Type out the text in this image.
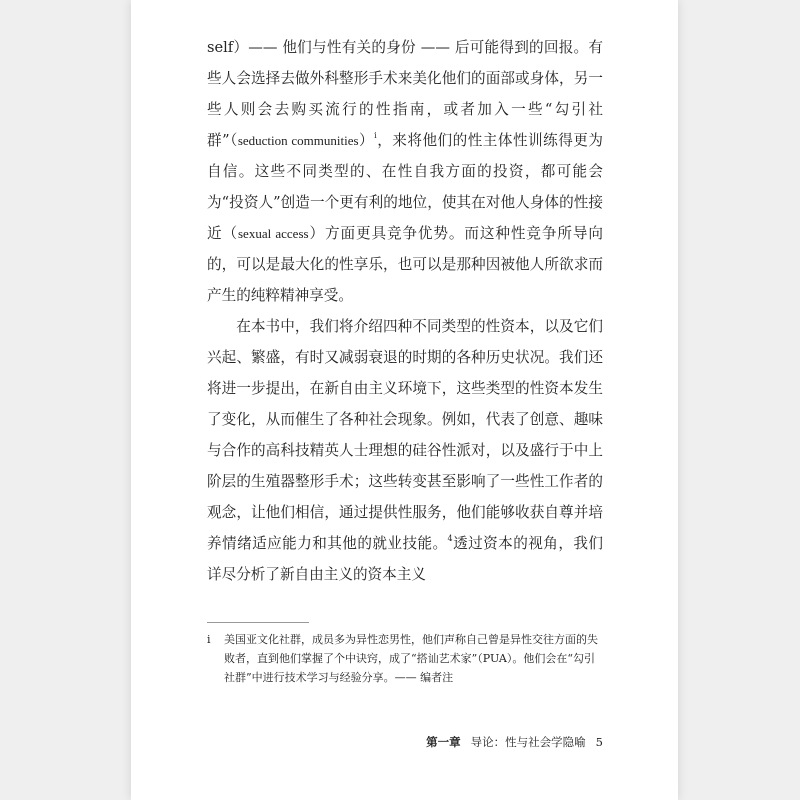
self）—— 他们与性有关的身份 —— 后可能得到的回报。有些人会选择去做外科整形手术来美化他们的面部或身体，另一些人则会去购买流行的性指南，或者加入一些“勾引社群”（seduction communities）$^i$，来将他们的性主体性训练得更为自信。这些不同类型的、在性自我方面的投资，都可能会为“投资人”创造一个更有利的地位，使其在对他人身体的性接近（sexual access）方面更具竞争优势。而这种性竞争所导向的，可以是最大化的性享乐，也可以是那种因被他人所欲求而产生的纯粹精神享受。

在本书中，我们将介绍四种不同类型的性资本，以及它们兴起、繁盛，有时又减弱衰退的时期的各种历史状况。我们还将进一步提出，在新自由主义环境下，这些类型的性资本发生了变化，从而催生了各种社会现象。例如，代表了创意、趣味与合作的高科技精英人士理想的硅谷性派对，以及盛行于中上阶层的生殖器整形手术；这些转变甚至影响了一些性工作者的观念，让他们相信，通过提供性服务，他们能够收获自尊并培养情绪适应能力和其他的就业技能。$^4$透过资本的视角，我们详尽分析了新自由主义的资本主义

i 美国亚文化社群，成员多为异性恋男性，他们声称自己曾是异性交往方面的失败者，直到他们掌握了个中诀窍，成了“搭讪艺术家”（PUA）。他们会在“勾引社群”中进行技术学习与经验分享。—— 编者注
第一章 导论：性与社会学隐喻 5
